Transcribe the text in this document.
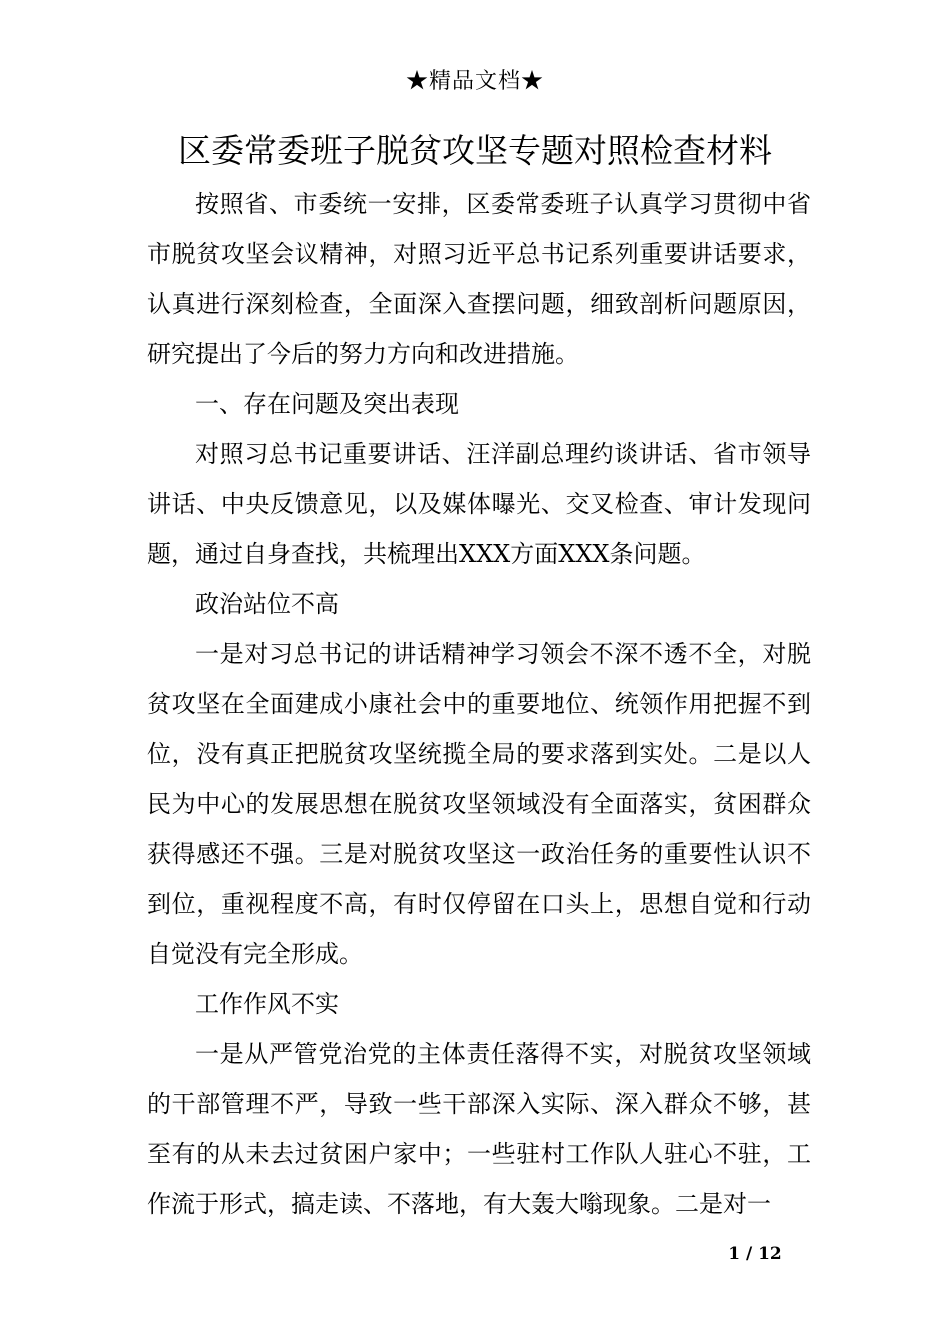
★精品文档★
区委常委班子脱贫攻坚专题对照检查材料

按照省、市委统一安排，区委常委班子认真学习贯彻中省市脱贫攻坚会议精神，对照习近平总书记系列重要讲话要求，认真进行深刻检查，全面深入查摆问题，细致剖析问题原因，研究提出了今后的努力方向和改进措施。

一、存在问题及突出表现

对照习总书记重要讲话、汪洋副总理约谈讲话、省市领导讲话、中央反馈意见，以及媒体曝光、交叉检查、审计发现问题，通过自身查找，共梳理出XXX方面XXX条问题。

政治站位不高

一是对习总书记的讲话精神学习领会不深不透不全，对脱贫攻坚在全面建成小康社会中的重要地位、统领作用把握不到位，没有真正把脱贫攻坚统揽全局的要求落到实处。二是以人民为中心的发展思想在脱贫攻坚领域没有全面落实，贫困群众获得感还不强。三是对脱贫攻坚这一政治任务的重要性认识不到位，重视程度不高，有时仅停留在口头上，思想自觉和行动自觉没有完全形成。

工作作风不实

一是从严管党治党的主体责任落得不实，对脱贫攻坚领域的干部管理不严，导致一些干部深入实际、深入群众不够，甚至有的从未去过贫困户家中；一些驻村工作队人驻心不驻，工作流于形式，搞走读、不落地，有大轰大嗡现象。二是对一

1 / 12
